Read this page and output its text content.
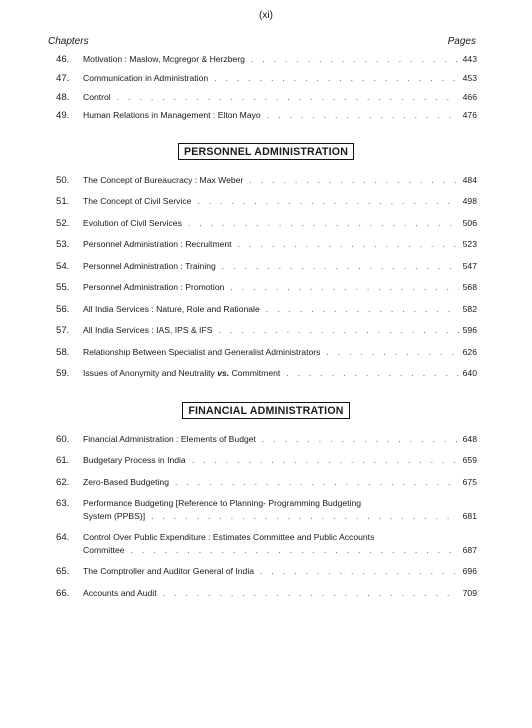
(xi)
Chapters	Pages
46. Motivation : Maslow, Mcgregor & Herzberg . . .	443
47. Communication in Administration . . .	453
48. Control . . .	466
49. Human Relations in Management : Elton Mayo . . .	476
PERSONNEL ADMINISTRATION
50. The Concept of Bureaucracy : Max Weber . . .	484
51. The Concept of Civil Service . . .	498
52. Evolution of Civil Services . . .	506
53. Personnel Administration : Recruitment . . .	523
54. Personnel Administration : Training . . .	547
55. Personnel Administration : Promotion . . .	568
56. All India Services : Nature, Role and Rationale . . .	582
57. All India Services : IAS, IPS & IFS . . .	596
58. Relationship Between Specialist and Generalist Administrators . . .	626
59. Issues of Anonymity and Neutrality vs. Commitment . . .	640
FINANCIAL ADMINISTRATION
60. Financial Administration : Elements of Budget . . .	648
61. Budgetary Process in India . . .	659
62. Zero-Based Budgeting . . .	675
63. Performance Budgeting [Reference to Planning- Programming Budgeting
System (PPBS)] . . .	681
64. Control Over Public Expenditure : Estimates Committee and Public Accounts
Committee . . .	687
65. The Comptroller and Auditor General of India . . .	696
66. Accounts and Audit . . .	709
